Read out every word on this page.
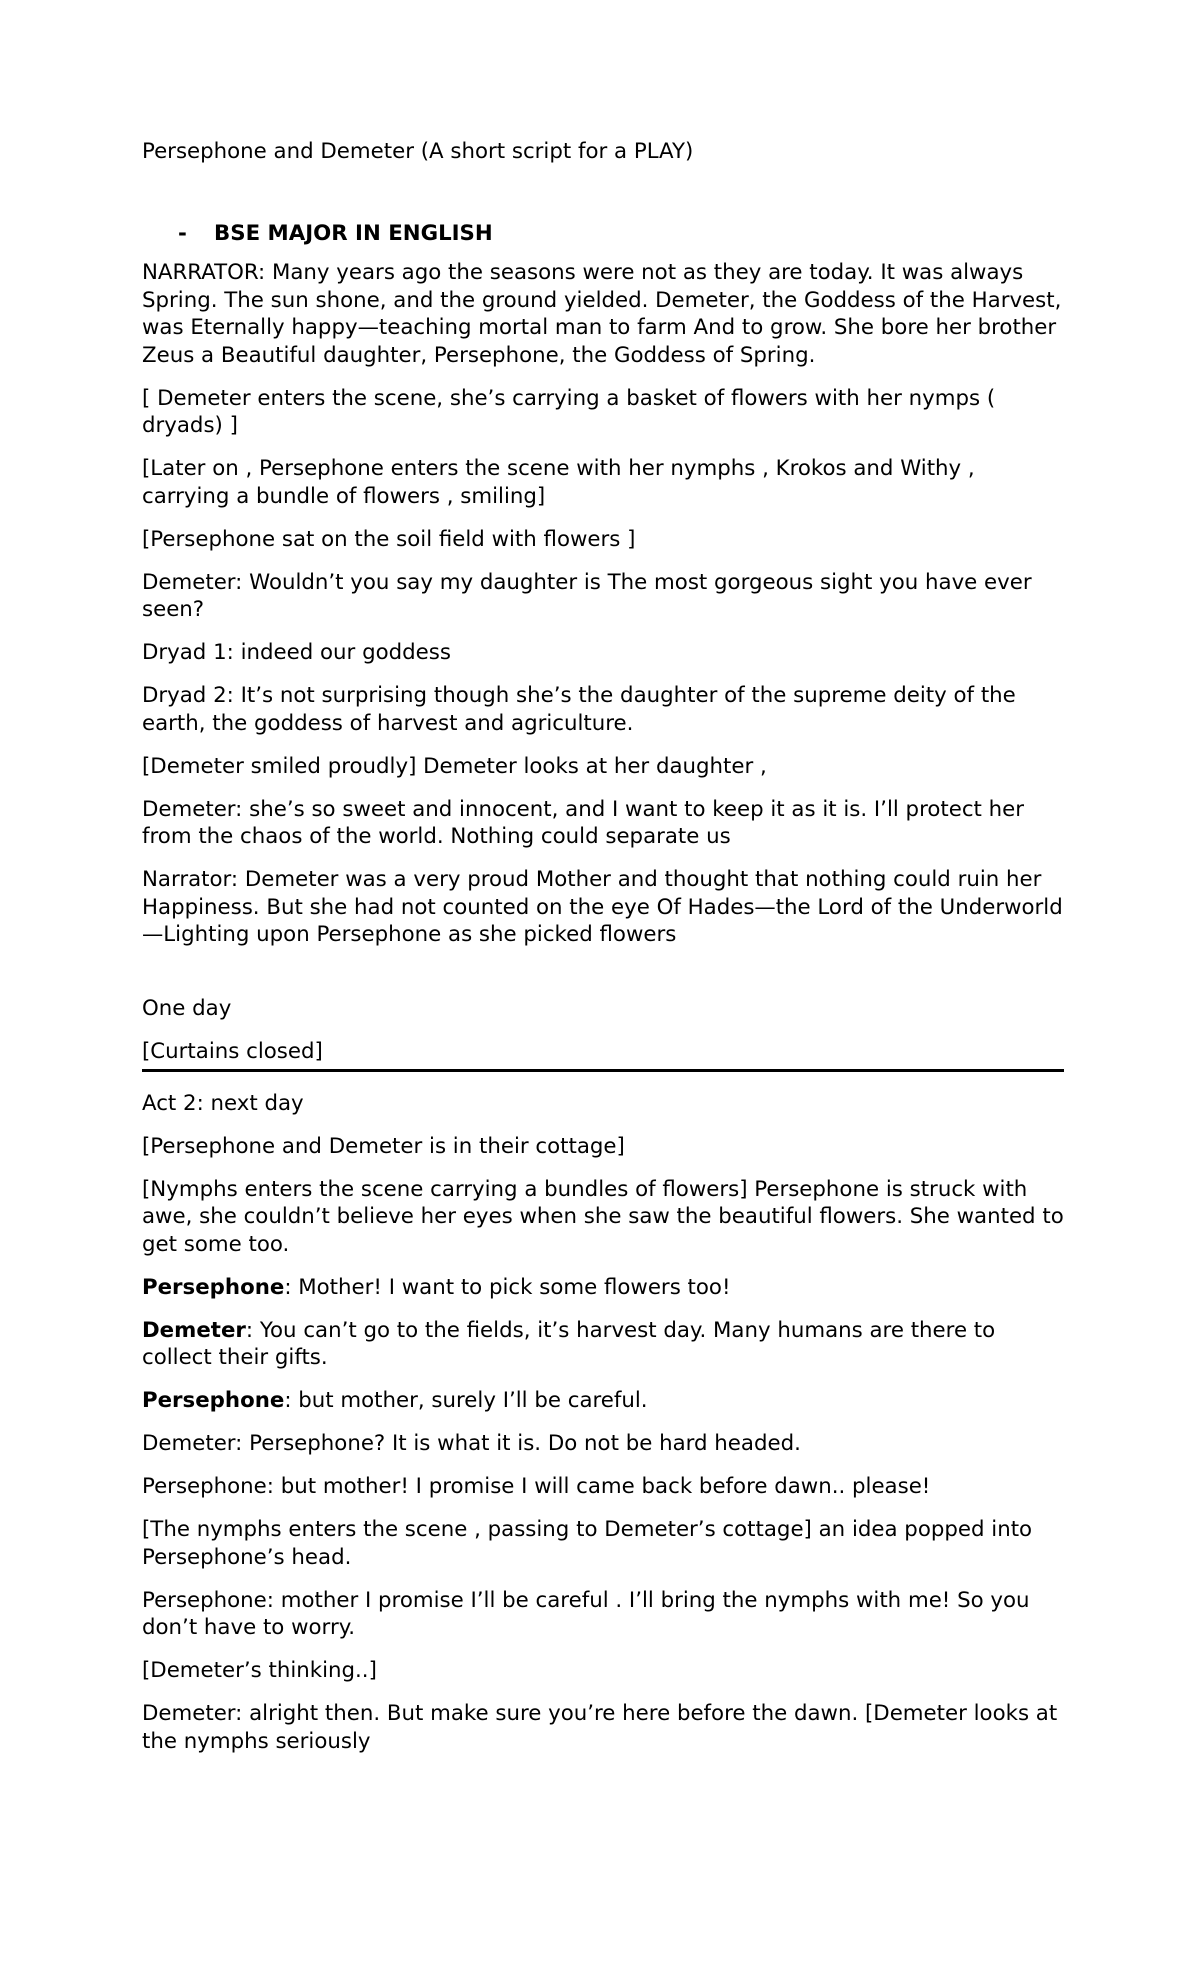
Persephone and Demeter (A short script for a PLAY)

- BSE MAJOR IN ENGLISH

NARRATOR: Many years ago the seasons were not as they are today. It was always Spring. The sun shone, and the ground yielded. Demeter, the Goddess of the Harvest, was Eternally happy—teaching mortal man to farm And to grow. She bore her brother Zeus a Beautiful daughter, Persephone, the Goddess of Spring.

[ Demeter enters the scene, she’s carrying a basket of flowers with her nymps ( dryads) ]

[Later on , Persephone enters the scene with her nymphs , Krokos and Withy , carrying a bundle of flowers , smiling]

[Persephone sat on the soil field with flowers ]

Demeter: Wouldn’t you say my daughter is The most gorgeous sight you have ever seen?

Dryad 1: indeed our goddess

Dryad 2: It’s not surprising though she’s the daughter of the supreme deity of the earth, the goddess of harvest and agriculture.

[Demeter smiled proudly] Demeter looks at her daughter ,

Demeter: she’s so sweet and innocent, and I want to keep it as it is. I’ll protect her from the chaos of the world. Nothing could separate us

Narrator: Demeter was a very proud Mother and thought that nothing could ruin her Happiness. But she had not counted on the eye Of Hades—the Lord of the Underworld—Lighting upon Persephone as she picked flowers

One day

[Curtains closed]

Act 2: next day

[Persephone and Demeter is in their cottage]

[Nymphs enters the scene carrying a bundles of flowers] Persephone is struck with awe, she couldn’t believe her eyes when she saw the beautiful flowers. She wanted to get some too.

Persephone: Mother! I want to pick some flowers too!

Demeter: You can’t go to the fields, it’s harvest day. Many humans are there to collect their gifts.

Persephone: but mother, surely I’ll be careful.

Demeter: Persephone? It is what it is. Do not be hard headed.

Persephone: but mother! I promise I will came back before dawn.. please!

[The nymphs enters the scene , passing to Demeter’s cottage] an idea popped into Persephone’s head.

Persephone: mother I promise I’ll be careful . I’ll bring the nymphs with me! So you don’t have to worry.

[Demeter’s thinking..]

Demeter: alright then. But make sure you’re here before the dawn. [Demeter looks at the nymphs seriously
